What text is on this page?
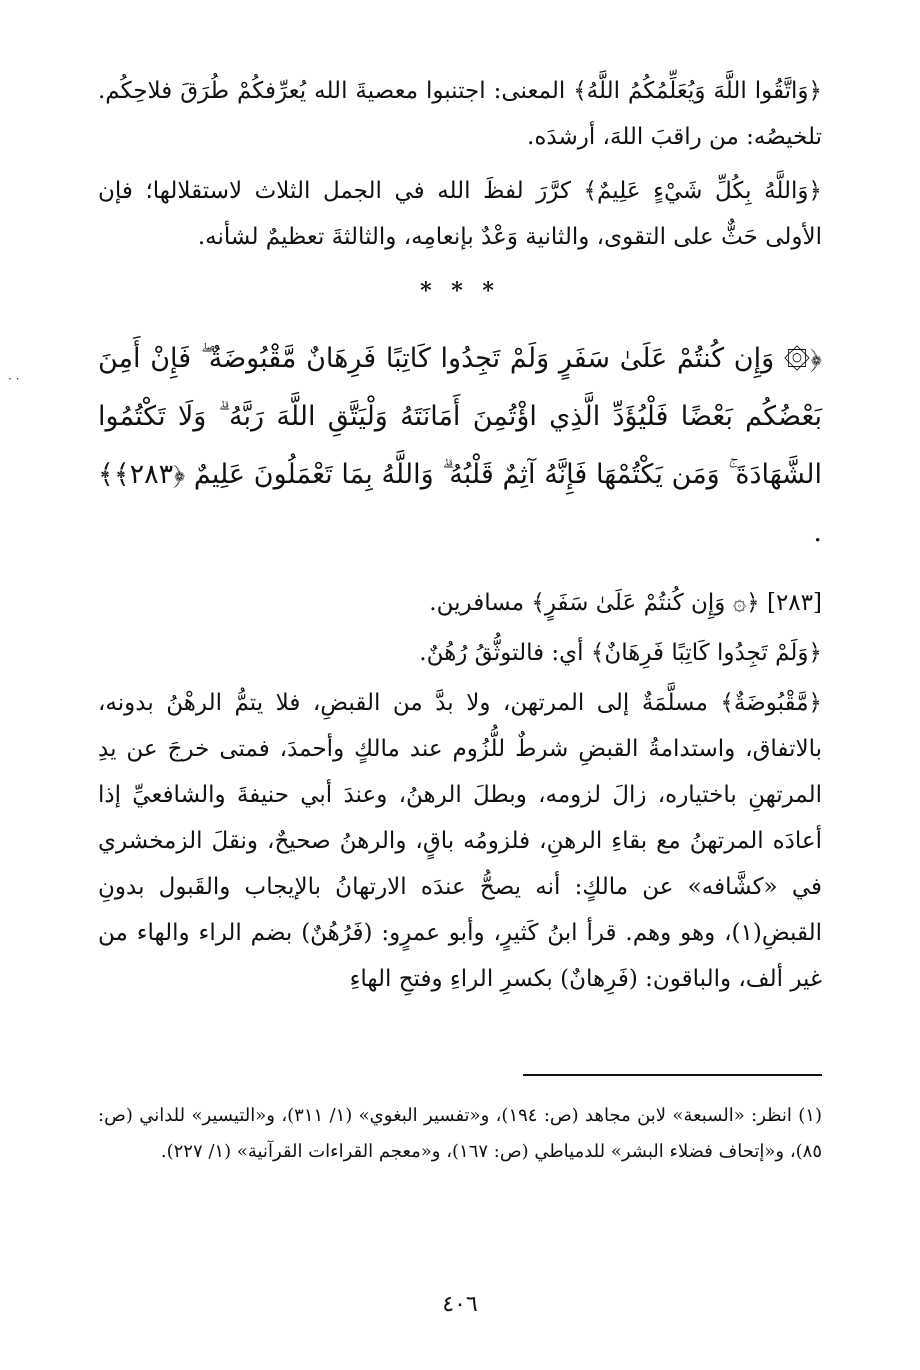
· ·

﴿وَاتَّقُوا اللَّهَ وَيُعَلِّمُكُمُ اللَّهُ﴾ المعنى: اجتنبوا معصيةَ الله يُعرِّفكُمْ طُرَقَ فلاحِكُم. تلخيصُه: من راقبَ اللهَ، أرشدَه.

﴿وَاللَّهُ بِكُلِّ شَيْءٍ عَلِيمٌ﴾ كرَّرَ لفظَ الله في الجمل الثلاث لاستقلالها؛ فإن الأولى حَثٌّ على التقوى، والثانية وَعْدٌ بإنعامِه، والثالثةَ تعظيمٌ لشأنه.

* * *

﴿۞ وَإِن كُنتُمْ عَلَىٰ سَفَرٍ وَلَمْ تَجِدُوا كَاتِبًا فَرِهَانٌ مَّقْبُوضَةٌ ۖ فَإِنْ أَمِنَ بَعْضُكُم بَعْضًا فَلْيُؤَدِّ الَّذِي اؤْتُمِنَ أَمَانَتَهُ وَلْيَتَّقِ اللَّهَ رَبَّهُ ۗ وَلَا تَكْتُمُوا الشَّهَادَةَ ۚ وَمَن يَكْتُمْهَا فَإِنَّهُ آثِمٌ قَلْبُهُ ۗ وَاللَّهُ بِمَا تَعْمَلُونَ عَلِيمٌ ﴿٢٨٣﴾﴾ .

[٢٨٣] ﴿۞ وَإِن كُنتُمْ عَلَىٰ سَفَرٍ﴾ مسافرين.

﴿وَلَمْ تَجِدُوا كَاتِبًا فَرِهَانٌ﴾ أي: فالتوثُّقُ رُهُنٌ.

﴿مَّقْبُوضَةٌ﴾ مسلَّمَةٌ إلى المرتهن، ولا بدَّ من القبضِ، فلا يتمُّ الرهْنُ بدونه، بالاتفاق، واستدامةُ القبضِ شرطٌ للُّزُوم عند مالكٍ وأحمدَ، فمتى خرجَ عن يدِ المرتهنِ باختياره، زالَ لزومه، وبطلَ الرهنُ، وعندَ أبي حنيفةَ والشافعيِّ إذا أعادَه المرتهنُ مع بقاءِ الرهنِ، فلزومُه باقٍ، والرهنُ صحيحٌ، ونقلَ الزمخشري في «كشَّافه» عن مالكٍ: أنه يصحُّ عندَه الارتهانُ بالإيجاب والقَبول بدونِ القبضِ(١)، وهو وهم. قرأ ابنُ كَثيرٍ، وأبو عمرٍو: (فَرُهُنٌ) بضم الراء والهاء من غير ألف، والباقون: (فَرِهانٌ) بكسرِ الراءِ وفتحِ الهاءِ

(١) انظر: «السبعة» لابن مجاهد (ص: ١٩٤)، و«تفسير البغوي» (١/ ٣١١)، و«التيسير» للداني (ص: ٨٥)، و«إتحاف فضلاء البشر» للدمياطي (ص: ١٦٧)، و«معجم القراءات القرآنية» (١/ ٢٢٧).

٤٠٦
